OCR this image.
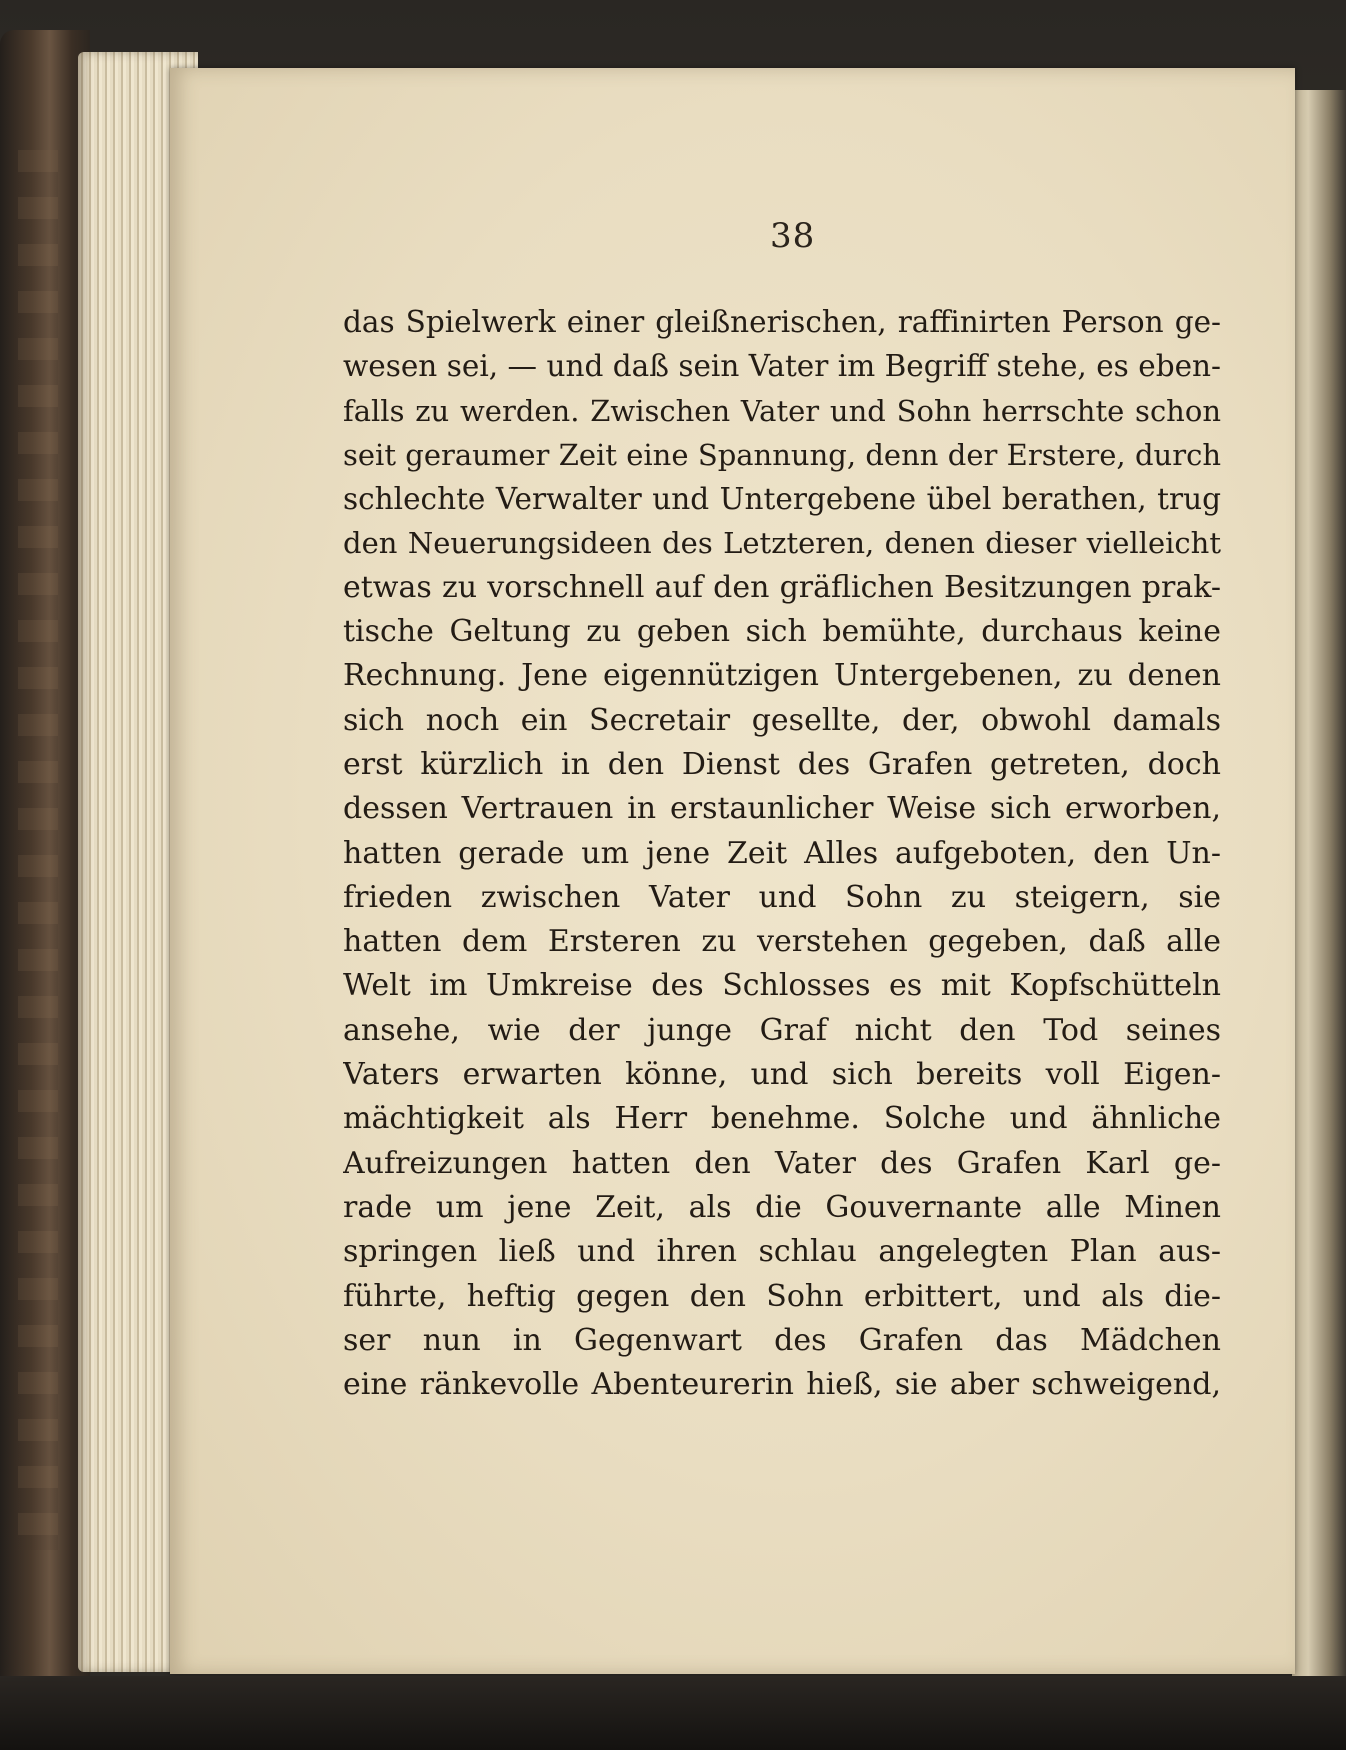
38
das Spielwerk einer gleißnerischen, raffinirten Person ge-
wesen sei, — und daß sein Vater im Begriff stehe, es eben-
falls zu werden. Zwischen Vater und Sohn herrschte schon
seit geraumer Zeit eine Spannung, denn der Erstere, durch
schlechte Verwalter und Untergebene übel berathen, trug
den Neuerungsideen des Letzteren, denen dieser vielleicht
etwas zu vorschnell auf den gräflichen Besitzungen prak-
tische Geltung zu geben sich bemühte, durchaus keine
Rechnung. Jene eigennützigen Untergebenen, zu denen
sich noch ein Secretair gesellte, der, obwohl damals
erst kürzlich in den Dienst des Grafen getreten, doch
dessen Vertrauen in erstaunlicher Weise sich erworben,
hatten gerade um jene Zeit Alles aufgeboten, den Un-
frieden zwischen Vater und Sohn zu steigern, sie
hatten dem Ersteren zu verstehen gegeben, daß alle
Welt im Umkreise des Schlosses es mit Kopfschütteln
ansehe, wie der junge Graf nicht den Tod seines
Vaters erwarten könne, und sich bereits voll Eigen-
mächtigkeit als Herr benehme. Solche und ähnliche
Aufreizungen hatten den Vater des Grafen Karl ge-
rade um jene Zeit, als die Gouvernante alle Minen
springen ließ und ihren schlau angelegten Plan aus-
führte, heftig gegen den Sohn erbittert, und als die-
ser nun in Gegenwart des Grafen das Mädchen
eine ränkevolle Abenteurerin hieß, sie aber schweigend,
